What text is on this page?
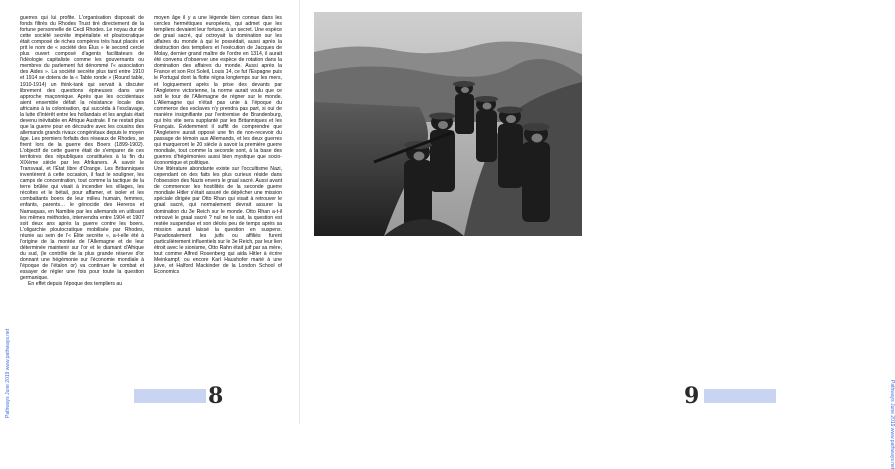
guerres qui lui profite. L'organisation disposait de fonds filtrés du Rhodes Trust tiré directement de la fortune personnelle de Cecil Rhodes. Le noyau dur de cette société secrète impérialiste et ploutocratique était composé de riches compères très haut placés et prit le nom de « société des Élus » le second cercle plus ouvert composé d'agents facilitateurs de l'idéologie capitaliste comme les gouvernants ou membres du parlement fut dénommé l'« association des Aides ». La société secrète plus tard entre 1910 et 1914 se dotera de la « Table ronde » (Round table, 1910-1914) un think-tank qui servait à discuter librement des questions épineuses dans une approche maçonnique. Après que les occidentaux aient ensemble défait la résistance locale des africains à la colonisation, qui succéda à l'esclavage, la lutte d'intérêt entre les hollandais et les anglais était devenu inévitable en Afrique Australe. Il ne restait plus que la guerre pour en découdre avec les cousins des allemands grands rivaux congénitaux depuis le moyen âge. Les premiers forfaits des réseaux de Rhodes, se firent lors de la guerre des Boers (1899-1902). L'objectif de cette guerre était de s'emparer de ces territoires des républiques constituées à la fin du XIXème siècle par les Afrikaners. À savoir le Transvaal, et l'État libre d'Orange. Les Britanniques inventèrent à cette occasion, il faut le souligner, les camps de concentration, tout comme la tactique de la terre brûlée qui visait à incendier les villages, les récoltes et le bétail, pour affamer, et isoler et les combattants boers de leur milieu humain, femmes, enfants, parents… le génocide des Hereros et Namaquas, en Namibie par les allemands en utilisant les mêmes méthodes, intervendra entre 1904 et 1907 soit deux ans après la guerre contre les boers. L'oligarchie ploutocratique mobilisée par Rhodes, réunie au sein de l'« Élite secrète », a-t-elle été à l'origine de la montée de l'Allemagne et de leur déterminée maintenir sur l'or et le diamant d'Afrique du sud, (le contrôle de la plus grande réserve d'or donnant une hégémonie sur l'économie mondiale à l'époque de l'étalon or) va continuer le combat et essayer de régler une fois pour toute la question germanique.

En effet depuis l'époque des templiers au

moyen âge il y a une légende bien connue dans les cercles hermétiques européens, qui admet que les templiers devaient leur fortune, à un secret. Une espèce de graal sacré, qui octroyait la domination sur les affaires du monde à qui le possédait, aussi après la destruction des templiers et l'exécution de Jacques de Molay, dernier grand maître de l'ordre en 1314, il aurait été convenu d'observer une espèce de rotation dans la domination des affaires du monde. Aussi après la France et son Roi Soleil, Louis 14, ce fut l'Espagne puis le Portugal dont la flotte régna longtemps sur les mers, et logiquement après la prise des devants par l'Angleterre victorienne, la norme aurait voulu que ce soit le tour de l'Allemagne de régner sur le monde. L'Allemagne qui n'était pas unie à l'époque du commerce des esclaves n'y prendra pas part, si oui de manière insignifiante par l'entremise de Brandenburg, qui très vite sera supplanté par les Britanniques et les Français. Évidemment il suffit de comprendre que l'Angleterre aurait opposé une fin de non-recevoir du passage de témoin aux Allemands, et les deux guerres qui marqueront le 20 siècle à savoir la première guerre mondiale, tout comme la seconde sont, à la base des guerres d'hégémonies aussi bien mystique que socio-économique et politique.

Une littérature abondante existe sur l'occultisme Nazi, cependant on des faits les plus curieux réside dans l'obsession des Nazis envers le graal sacré. Aussi avant de commencer les hostilités de la seconde guerre mondiale Hitler s'était assuré de dépêcher une mission spéciale dirigée par Otto Rhan qui visait à retrouver le graal sacré, qui normalement devrait assurer la domination du 3e Reich sur le monde. Otto Rhan a-t-il retrouvé le graal sacré ? nul ne le sait, la question est restée suspendue et son décès peu de temps après sa mission aurait laissé la question en suspens. Paradoxalement les juifs ou affiliés furent particulièrement influentiels sur le 3e Reich, par leur lien étroit avec le sionisme, Otto Rahn était juif par sa mère, tout comme Alfred Rosenberg qui aida Hitler à écrire Meinkampf, ou encore Karl Haushofer marié à une juive, et Halford Mackinder de la London School of Economics

8
Pathways June 2019 www.pathways.net	9	Pathways June 2019 www.pathways.net
